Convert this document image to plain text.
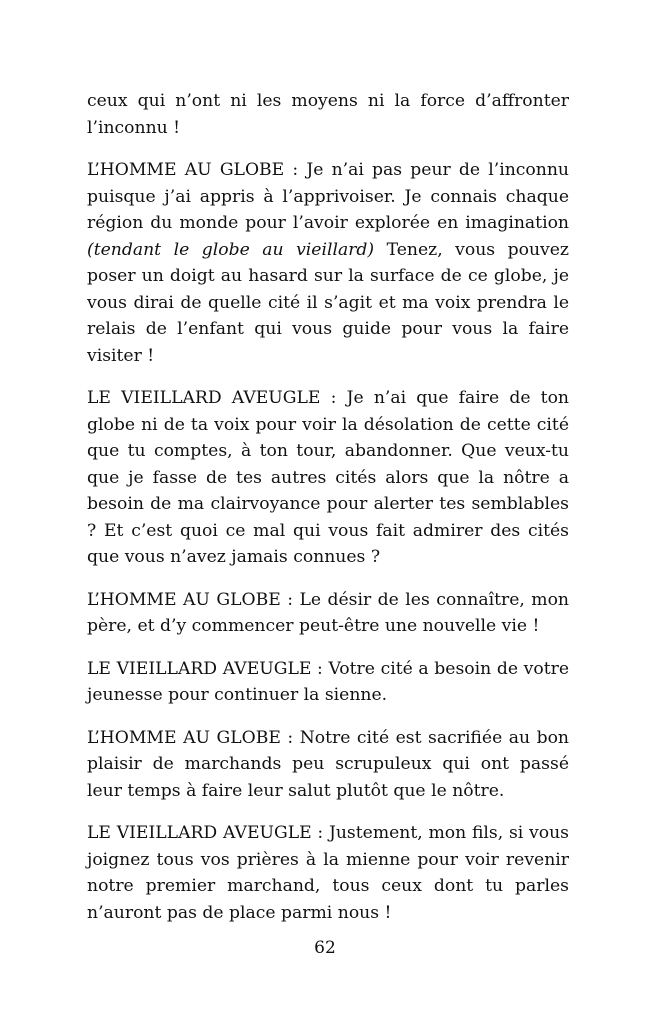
ceux qui n’ont ni les moyens ni la force d’affronter l’inconnu !

L’HOMME AU GLOBE : Je n’ai pas peur de l’inconnu puisque j’ai appris à l’apprivoiser. Je connais chaque région du monde pour l’avoir explorée en imagination (tendant le globe au vieillard) Tenez, vous pouvez poser un doigt au hasard sur la surface de ce globe, je vous dirai de quelle cité il s’agit et ma voix prendra le relais de l’enfant qui vous guide pour vous la faire visiter !

LE VIEILLARD AVEUGLE : Je n’ai que faire de ton globe ni de ta voix pour voir la désolation de cette cité que tu comptes, à ton tour, abandonner. Que veux-tu que je fasse de tes autres cités alors que la nôtre a besoin de ma clairvoyance pour alerter tes semblables ? Et c’est quoi ce mal qui vous fait admirer des cités que vous n’avez jamais connues ?

L’HOMME AU GLOBE : Le désir de les connaître, mon père, et d’y commencer peut-être une nouvelle vie !

LE VIEILLARD AVEUGLE : Votre cité a besoin de votre jeunesse pour continuer la sienne.

L’HOMME AU GLOBE : Notre cité est sacrifiée au bon plaisir de marchands peu scrupuleux qui ont passé leur temps à faire leur salut plutôt que le nôtre.

LE VIEILLARD AVEUGLE : Justement, mon fils, si vous joignez tous vos prières à la mienne pour voir revenir notre premier marchand, tous ceux dont tu parles n’auront pas de place parmi nous !

62
